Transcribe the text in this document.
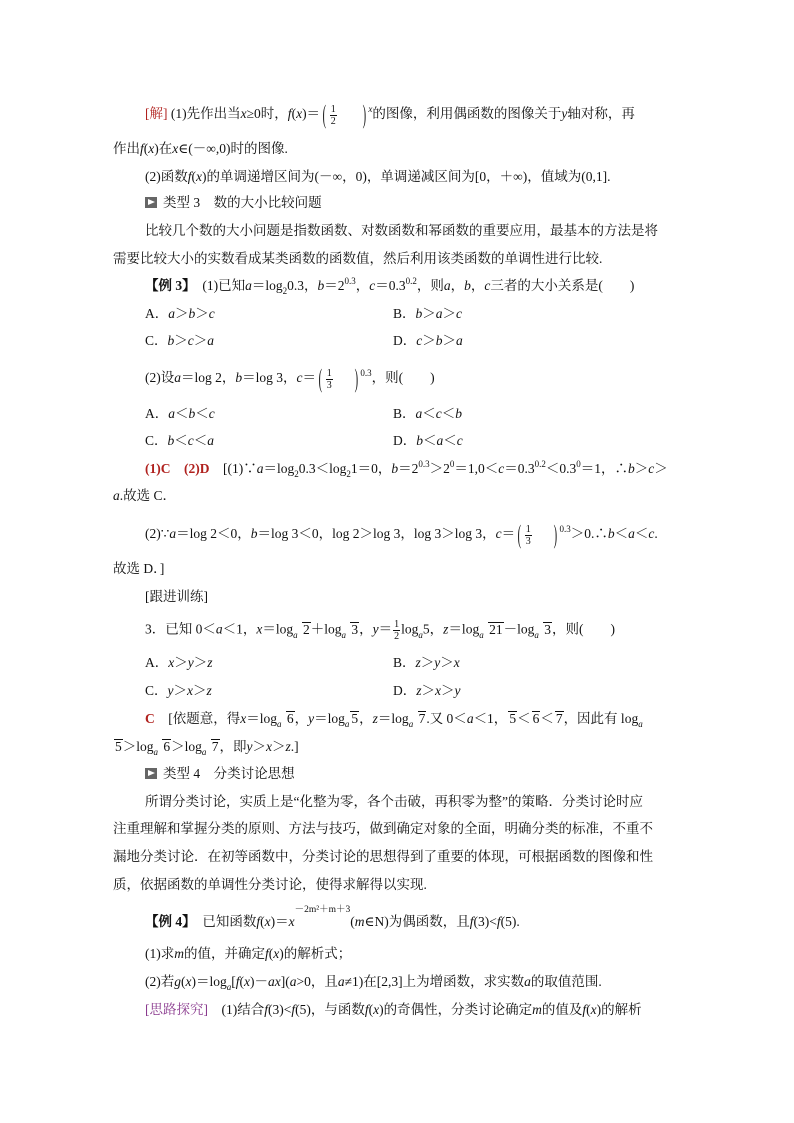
[解] (1)先作出当x≥0时，f(x)＝ ( $\frac{1}{2}$ ) $^x$的图像，利用偶函数的图像关于y轴对称，再
作出f(x)在x∈(－∞,0)时的图像.
(2)函数f(x)的单调递增区间为(－∞，0)，单调递减区间为[0，＋∞)，值域为(0,1].
类型 3　数的大小比较问题
比较几个数的大小问题是指数函数、对数函数和幂函数的重要应用，最基本的方法是将
需要比较大小的实数看成某类函数的函数值，然后利用该类函数的单调性进行比较.
【例 3】　(1)已知$a=\log_20.3$，$b=2^{0.3}$，$c=0.3^{0.2}$，则a，b，c三者的大小关系是(　　)
A．a＞b＞c	B．b＞a＞c
C．b＞c＞a	D．c＞b＞a
(2)设a＝log 2，b＝log 3，c＝ ( $\frac{1}{3}$ ) $^{0.3}$，则(　　)
A．a＜b＜c	B．a＜c＜b
C．b＜c＜a	D．b＜a＜c
(1)C　 (2)D　[$(1)\because a=\log_20.3<\log_21=0$，$b=2^{0.3}>2^0=1,0<c=0.3^{0.2}<0.3^0=1$，∴b＞c＞
a.故选 C．
(2)∵a＝log 2＜0，b＝log 3＜0，log 2＞log 3，log 3＞log 3，c＝ ( $\frac{1}{3}$ ) $^{0.3}$＞0.∴b＜a＜c.
故选 D．]
[跟进训练]
3．已知 0＜a＜1，$x=\log_a$ $2+\log_a$ 3，$y= \frac{1}{2} \log_a5$，$z=\log_a$ $21-\log_a$ 3，则(　　)
A．x＞y＞z	B．z＞y＞x
C．y＞x＞z	D．z＞x＞y
C　[依题意，得$x=\log_a$ 6，$y=\log_a$ 5，$z=\log_a$ 7.又 0＜a＜1， 5＜ 6＜ 7，因此有 $\log_a$
$5>\log_a$ $6>\log_a$ 7，即y＞x＞z.]
类型 4　分类讨论思想
所谓分类讨论，实质上是“化整为零，各个击破，再积零为整”的策略．分类讨论时应
注重理解和掌握分类的原则、方法与技巧，做到确定对象的全面，明确分类的标准，不重不
漏地分类讨论．在初等函数中，分类讨论的思想得到了重要的体现，可根据函数的图像和性
质，依据函数的单调性分类讨论，使得求解得以实现.
【例 4】　已知函数$f(x)=x^{-2m^2+m+3}(m\in N)$为偶函数，且f(3)<f(5).
(1)求m的值，并确定f(x)的解析式；
(2)若$g(x)=\log_a[f(x)-ax](a>0$，且a≠1)在[2,3]上为增函数，求实数a的取值范围.
[思路探究]　(1)结合f(3)<f(5)，与函数f(x)的奇偶性，分类讨论确定m的值及f(x)的解析
